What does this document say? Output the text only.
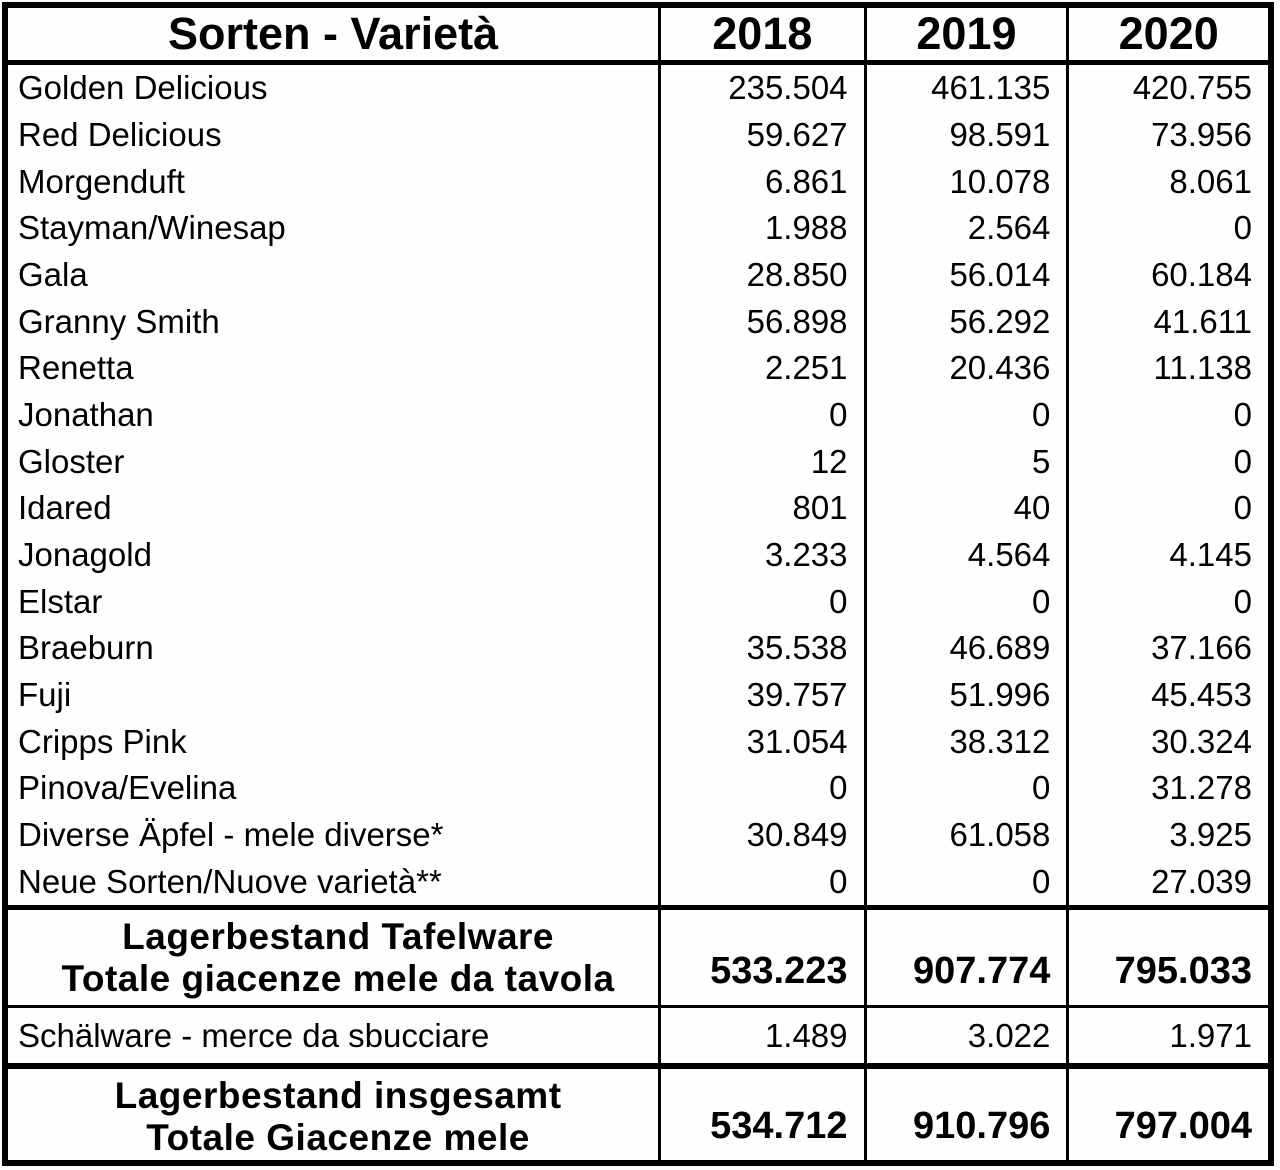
Sorten - Varietà	2018	2019	2020
Golden Delicious	235.504	461.135	420.755
Red Delicious	59.627	98.591	73.956
Morgenduft	6.861	10.078	8.061
Stayman/Winesap	1.988	2.564	0
Gala	28.850	56.014	60.184
Granny Smith	56.898	56.292	41.611
Renetta	2.251	20.436	11.138
Jonathan	0	0	0
Gloster	12	5	0
Idared	801	40	0
Jonagold	3.233	4.564	4.145
Elstar	0	0	0
Braeburn	35.538	46.689	37.166
Fuji	39.757	51.996	45.453
Cripps Pink	31.054	38.312	30.324
Pinova/Evelina	0	0	31.278
Diverse Äpfel - mele diverse*	30.849	61.058	3.925
Neue Sorten/Nuove varietà**	0	0	27.039
Lagerbestand Tafelware
Totale giacenze mele da tavola	533.223	907.774	795.033
Schälware - merce da sbucciare	1.489	3.022	1.971
Lagerbestand insgesamt
Totale Giacenze mele	534.712	910.796	797.004
